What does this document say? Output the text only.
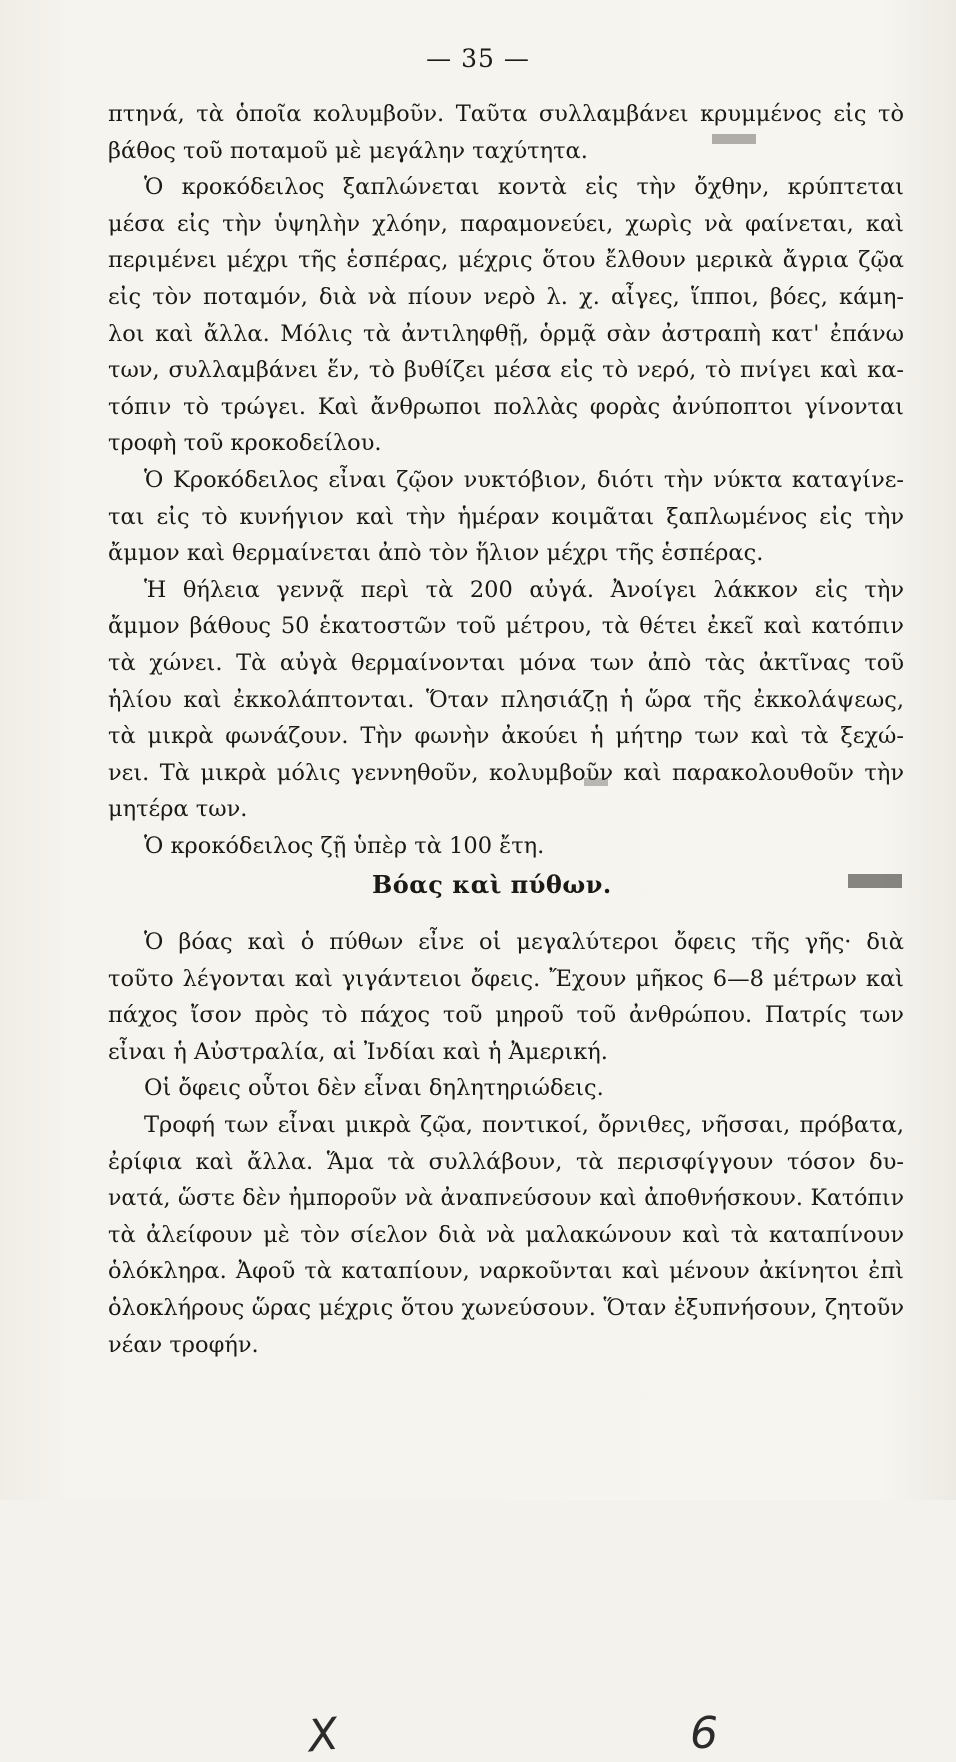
— 35 —
πτηνά, τὰ ὁποῖα κολυμβοῦν. Ταῦτα συλλαμβάνει κρυμμένος εἰς τὸ
βάθος τοῦ ποταμοῦ μὲ μεγάλην ταχύτητα.
Ὁ κροκόδειλος ξαπλώνεται κοντὰ εἰς τὴν ὄχθην, κρύπτεται
μέσα εἰς τὴν ὑψηλὴν χλόην, παραμονεύει, χωρὶς νὰ φαίνεται, καὶ
περιμένει μέχρι τῆς ἑσπέρας, μέχρις ὅτου ἔλθουν μερικὰ ἄγρια ζῷα
εἰς τὸν ποταμόν, διὰ νὰ πίουν νερὸ λ. χ. αἶγες, ἵπποι, βόες, κάμη-
λοι καὶ ἄλλα. Μόλις τὰ ἀντιληφθῇ, ὁρμᾷ σὰν ἀστραπὴ κατ' ἐπάνω
των, συλλαμβάνει ἕν, τὸ βυθίζει μέσα εἰς τὸ νερό, τὸ πνίγει καὶ κα-
τόπιν τὸ τρώγει. Καὶ ἄνθρωποι πολλὰς φορὰς ἀνύποπτοι γίνονται
τροφὴ τοῦ κροκοδείλου.
Ὁ Κροκόδειλος εἶναι ζῷον νυκτόβιον, διότι τὴν νύκτα καταγίνε-
ται εἰς τὸ κυνήγιον καὶ τὴν ἡμέραν κοιμᾶται ξαπλωμένος εἰς τὴν
ἄμμον καὶ θερμαίνεται ἀπὸ τὸν ἥλιον μέχρι τῆς ἑσπέρας.
Ἡ θήλεια γεννᾷ περὶ τὰ 200 αὐγά. Ἀνοίγει λάκκον εἰς τὴν
ἄμμον βάθους 50 ἑκατοστῶν τοῦ μέτρου, τὰ θέτει ἐκεῖ καὶ κατόπιν
τὰ χώνει. Τὰ αὐγὰ θερμαίνονται μόνα των ἀπὸ τὰς ἀκτῖνας τοῦ
ἡλίου καὶ ἐκκολάπτονται. Ὅταν πλησιάζῃ ἡ ὥρα τῆς ἐκκολάψεως,
τὰ μικρὰ φωνάζουν. Τὴν φωνὴν ἀκούει ἡ μήτηρ των καὶ τὰ ξεχώ-
νει. Τὰ μικρὰ μόλις γεννηθοῦν, κολυμβοῦν καὶ παρακολουθοῦν τὴν
μητέρα των.
Ὁ κροκόδειλος ζῇ ὑπὲρ τὰ 100 ἔτη.
X
Βόας καὶ πύθων.
6
Ὁ βόας καὶ ὁ πύθων εἶνε οἱ μεγαλύτεροι ὄφεις τῆς γῆς· διὰ
τοῦτο λέγονται καὶ γιγάντειοι ὄφεις. Ἔχουν μῆκος 6—8 μέτρων καὶ
πάχος ἴσον πρὸς τὸ πάχος τοῦ μηροῦ τοῦ ἀνθρώπου. Πατρίς των
εἶναι ἡ Αὐστραλία, αἱ Ἰνδίαι καὶ ἡ Ἀμερική.
Οἱ ὄφεις οὗτοι δὲν εἶναι δηλητηριώδεις.
Τροφή των εἶναι μικρὰ ζῷα, ποντικοί, ὄρνιθες, νῆσσαι, πρόβατα,
ἐρίφια καὶ ἄλλα. Ἅμα τὰ συλλάβουν, τὰ περισφίγγουν τόσον δυ-
νατά, ὥστε δὲν ἠμποροῦν νὰ ἀναπνεύσουν καὶ ἀποθνήσκουν. Κατόπιν
τὰ ἀλείφουν μὲ τὸν σίελον διὰ νὰ μαλακώνουν καὶ τὰ καταπίνουν
ὁλόκληρα. Ἀφοῦ τὰ καταπίουν, ναρκοῦνται καὶ μένουν ἀκίνητοι ἐπὶ
ὁλοκλήρους ὥρας μέχρις ὅτου χωνεύσουν. Ὅταν ἐξυπνήσουν, ζητοῦν
νέαν τροφήν.
